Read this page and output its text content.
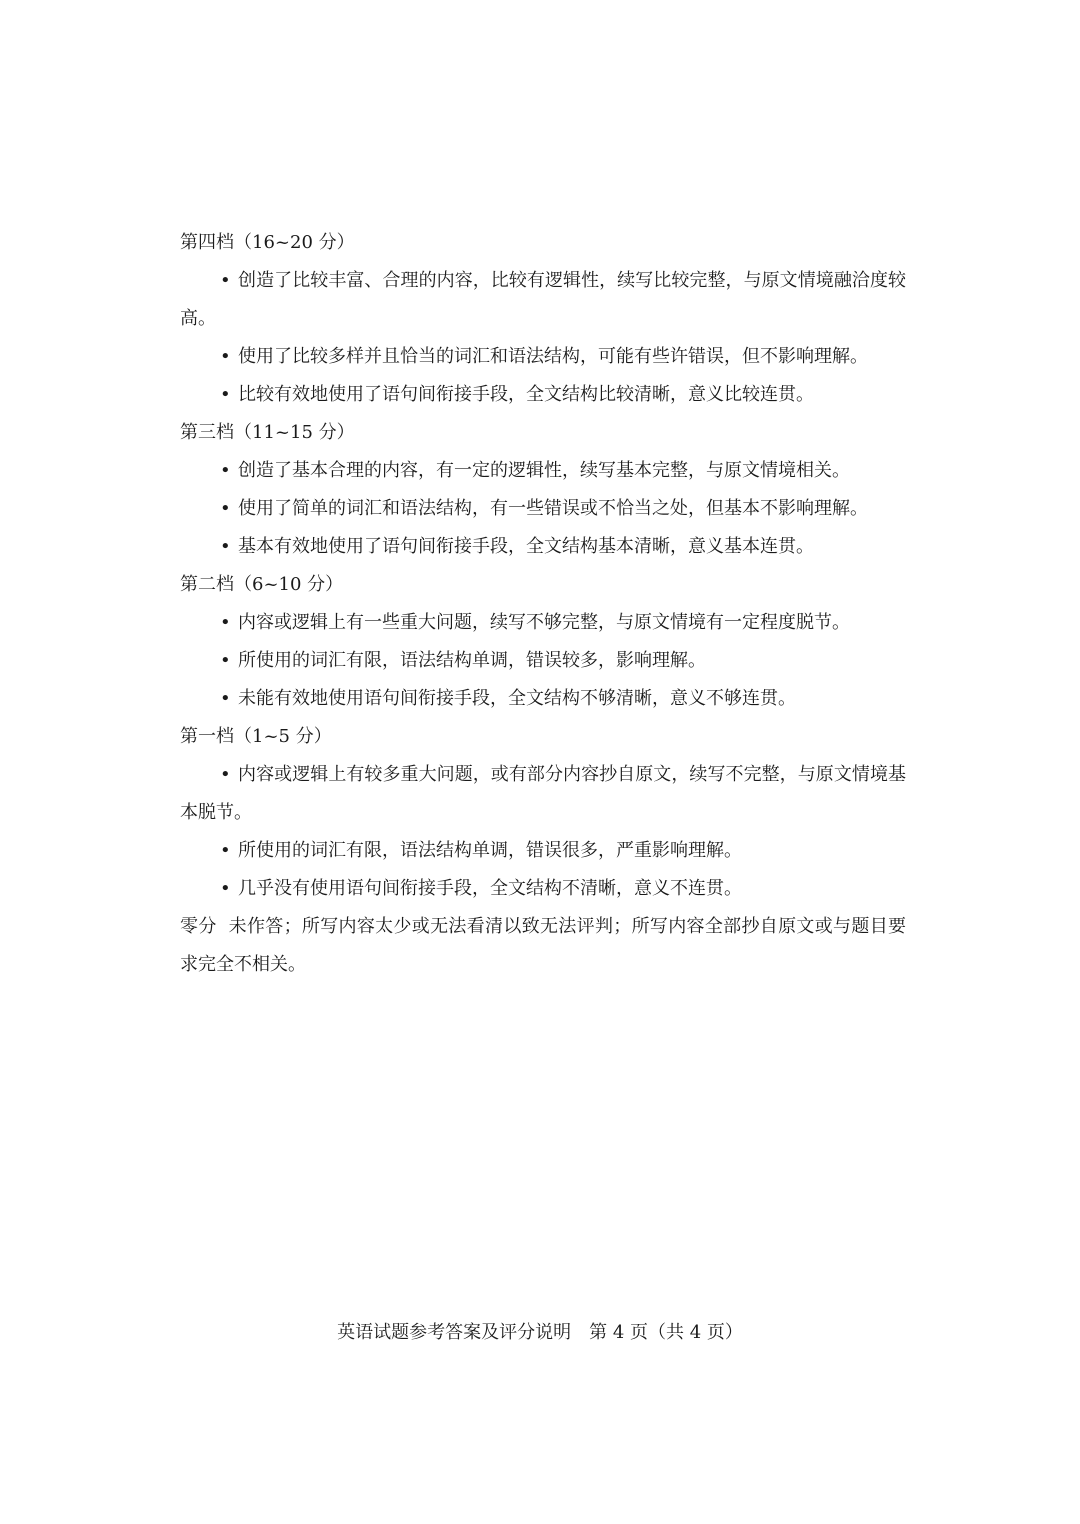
第四档（16~20 分）

• 创造了比较丰富、合理的内容，比较有逻辑性，续写比较完整，与原文情境融洽度较高。

• 使用了比较多样并且恰当的词汇和语法结构，可能有些许错误，但不影响理解。

• 比较有效地使用了语句间衔接手段，全文结构比较清晰，意义比较连贯。

第三档（11~15 分）

• 创造了基本合理的内容，有一定的逻辑性，续写基本完整，与原文情境相关。

• 使用了简单的词汇和语法结构，有一些错误或不恰当之处，但基本不影响理解。

• 基本有效地使用了语句间衔接手段，全文结构基本清晰，意义基本连贯。

第二档（6~10 分）

• 内容或逻辑上有一些重大问题，续写不够完整，与原文情境有一定程度脱节。

• 所使用的词汇有限，语法结构单调，错误较多，影响理解。

• 未能有效地使用语句间衔接手段，全文结构不够清晰，意义不够连贯。

第一档（1~5 分）

• 内容或逻辑上有较多重大问题，或有部分内容抄自原文，续写不完整，与原文情境基本脱节。

• 所使用的词汇有限，语法结构单调，错误很多，严重影响理解。

• 几乎没有使用语句间衔接手段，全文结构不清晰，意义不连贯。

零分 未作答；所写内容太少或无法看清以致无法评判；所写内容全部抄自原文或与题目要求完全不相关。

英语试题参考答案及评分说明 第 4 页（共 4 页）
